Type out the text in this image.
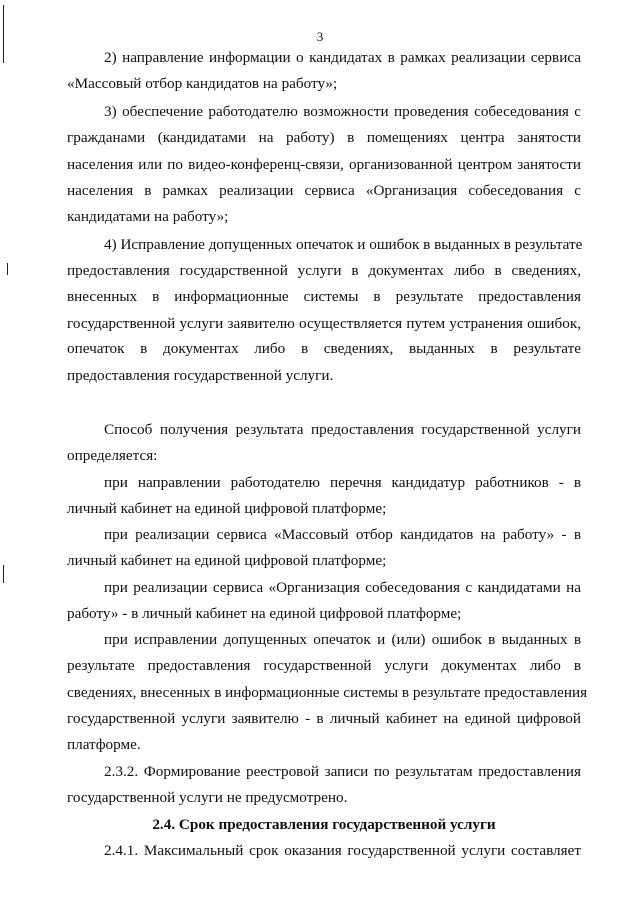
3
2) направление информации о кандидатах в рамках реализации сервиса
«Массовый отбор кандидатов на работу»;
3) обеспечение работодателю возможности проведения собеседования с
гражданами (кандидатами на работу) в помещениях центра занятости
населения или по видео-конференц-связи, организованной центром занятости
населения в рамках реализации сервиса «Организация собеседования с
кандидатами на работу»;
4) Исправление допущенных опечаток и ошибок в выданных в результате
предоставления государственной услуги в документах либо в сведениях,
внесенных в информационные системы в результате предоставления
государственной услуги заявителю осуществляется путем устранения ошибок,
опечаток в документах либо в сведениях, выданных в результате
предоставления государственной услуги.
Способ получения результата предоставления государственной услуги
определяется:
при направлении работодателю перечня кандидатур работников - в
личный кабинет на единой цифровой платформе;
при реализации сервиса «Массовый отбор кандидатов на работу» - в
личный кабинет на единой цифровой платформе;
при реализации сервиса «Организация собеседования с кандидатами на
работу» - в личный кабинет на единой цифровой платформе;
при исправлении допущенных опечаток и (или) ошибок в выданных в
результате предоставления государственной услуги документах либо в
сведениях, внесенных в информационные системы в результате предоставления
государственной услуги заявителю - в личный кабинет на единой цифровой
платформе.
2.3.2. Формирование реестровой записи по результатам предоставления
государственной услуги не предусмотрено.
2.4. Срок предоставления государственной услуги
2.4.1. Максимальный срок оказания государственной услуги составляет
